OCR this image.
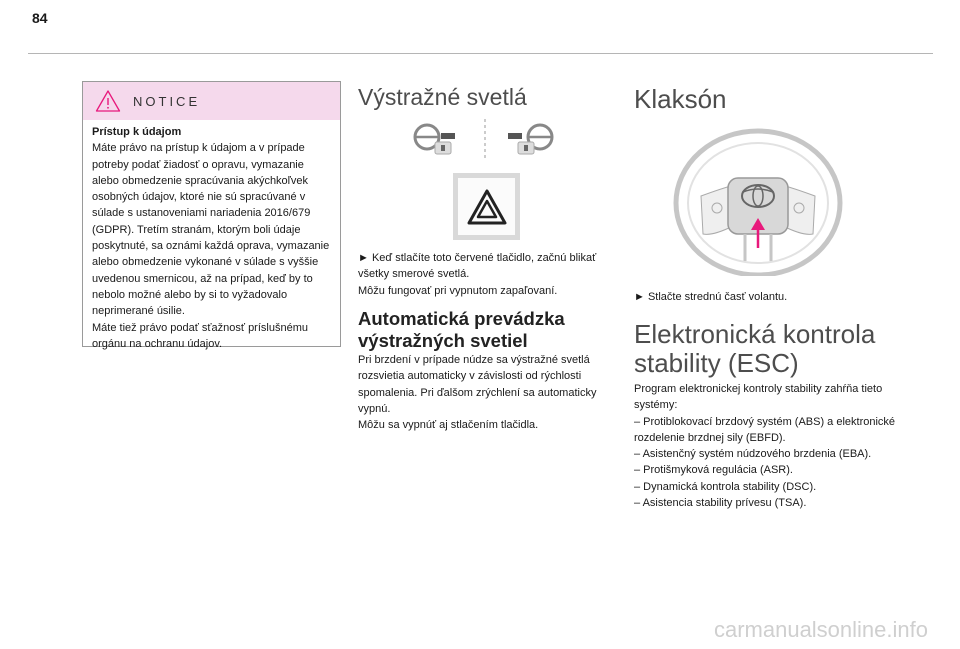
84
NOTICE

Prístup k údajom

Máte právo na prístup k údajom a v prípade potreby podať žiadosť o opravu, vymazanie alebo obmedzenie spracúvania akýchkoľvek osobných údajov, ktoré nie sú spracúvané v súlade s ustanoveniami nariadenia 2016/679 (GDPR). Tretím stranám, ktorým boli údaje poskytnuté, sa oznámi každá oprava, vymazanie alebo obmedzenie vykonané v súlade s vyššie uvedenou smernicou, až na prípad, keď by to nebolo možné alebo by si to vyžadovalo neprimerané úsilie.

Máte tiež právo podať sťažnosť príslušnému orgánu na ochranu údajov.

Výstražné svetlá

► Keď stlačíte toto červené tlačidlo, začnú blikať všetky smerové svetlá.

Môžu fungovať pri vypnutom zapaľovaní.

Automatická prevádzka výstražných svetiel

Pri brzdení v prípade núdze sa výstražné svetlá rozsvietia automaticky v závislosti od rýchlosti spomalenia. Pri ďalšom zrýchlení sa automaticky vypnú.

Môžu sa vypnúť aj stlačením tlačidla.

Klaksón
► Stlačte strednú časť volantu.
Elektronická kontrola stability (ESC)

Program elektronickej kontroly stability zahŕňa tieto systémy:

– Protiblokovací brzdový systém (ABS) a elektronické rozdelenie brzdnej sily (EBFD).

– Asistenčný systém núdzového brzdenia (EBA).

– Protišmyková regulácia (ASR).

– Dynamická kontrola stability (DSC).

– Asistencia stability prívesu (TSA).

carmanualsonline.info
